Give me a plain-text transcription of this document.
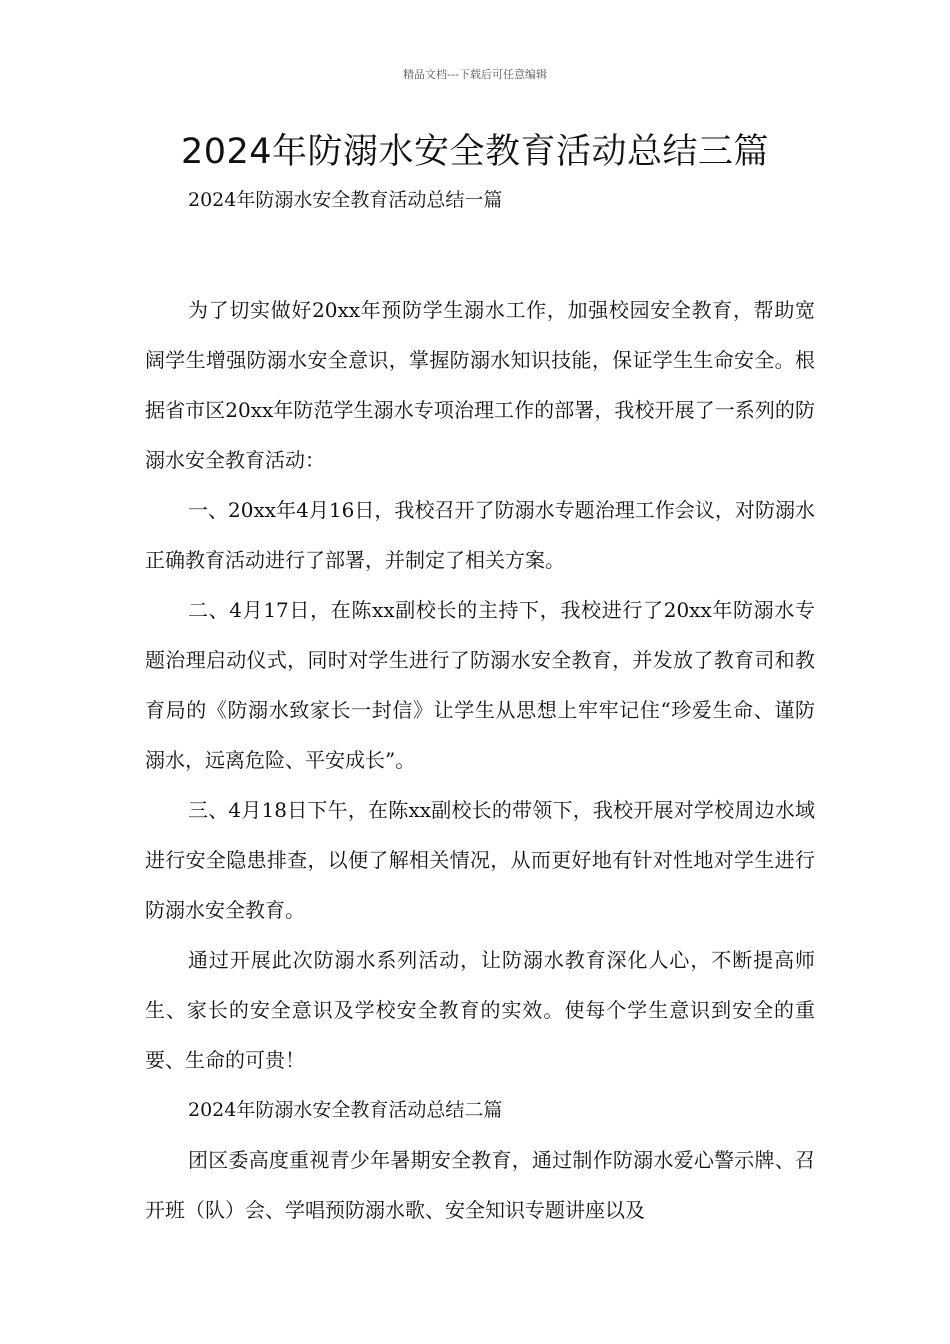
精品文档---下载后可任意编辑
2024年防溺水安全教育活动总结三篇

2024年防溺水安全教育活动总结一篇

为了切实做好20xx年预防学生溺水工作，加强校园安全教育，帮助宽阔学生增强防溺水安全意识，掌握防溺水知识技能，保证学生生命安全。根据省市区20xx年防范学生溺水专项治理工作的部署，我校开展了一系列的防溺水安全教育活动：

一、20xx年4月16日，我校召开了防溺水专题治理工作会议，对防溺水正确教育活动进行了部署，并制定了相关方案。

二、4月17日，在陈xx副校长的主持下，我校进行了20xx年防溺水专题治理启动仪式，同时对学生进行了防溺水安全教育，并发放了教育司和教育局的《防溺水致家长一封信》让学生从思想上牢牢记住“珍爱生命、谨防溺水，远离危险、平安成长”。

三、4月18日下午，在陈xx副校长的带领下，我校开展对学校周边水域进行安全隐患排查，以便了解相关情况，从而更好地有针对性地对学生进行防溺水安全教育。

通过开展此次防溺水系列活动，让防溺水教育深化人心，不断提高师生、家长的安全意识及学校安全教育的实效。使每个学生意识到安全的重要、生命的可贵！

2024年防溺水安全教育活动总结二篇

团区委高度重视青少年暑期安全教育，通过制作防溺水爱心警示牌、召开班（队）会、学唱预防溺水歌、安全知识专题讲座以及
